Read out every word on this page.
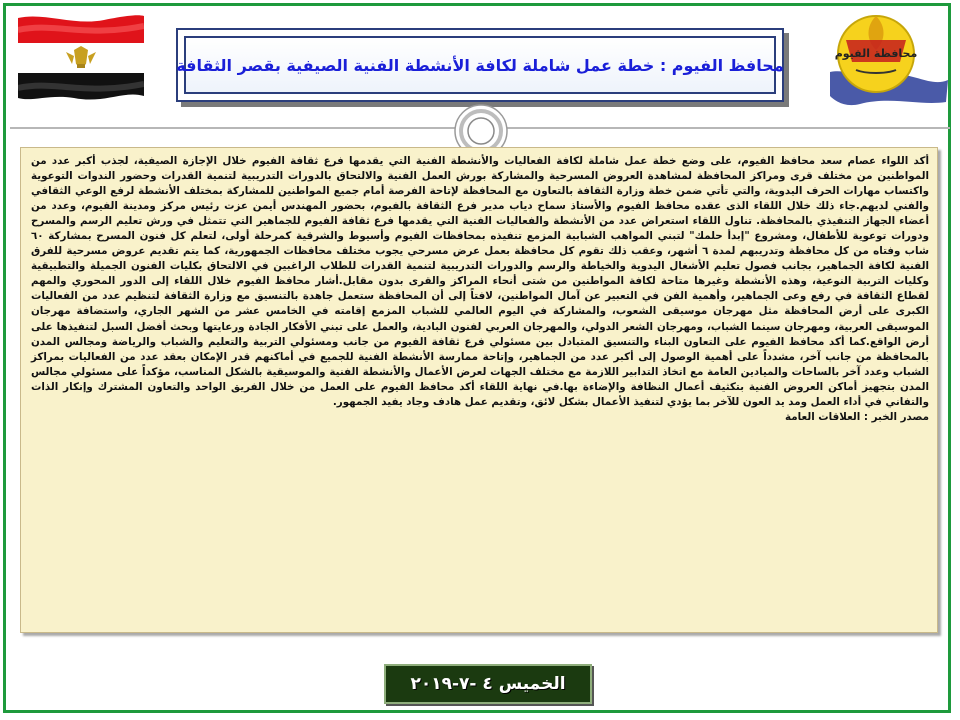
محافظة الفيوم
محافظ الفيوم : خطة عمل شاملة لكافة الأنشطة الفنية الصيفية بقصر الثقافة

أكد اللواء عصام سعد محافظ الفيوم، على وضع خطة عمل شاملة لكافة الفعاليات والأنشطة الفنية التي يقدمها فرع ثقافة الفيوم خلال الإجازة الصيفية، لجذب أكبر عدد من المواطنين من مختلف قرى ومراكز المحافظة لمشاهدة العروض المسرحية والمشاركة بورش العمل الفنية والالتحاق بالدورات التدريبية لتنمية القدرات وحضور الندوات التوعوية واكتساب مهارات الحرف اليدوية، والتي تأتي ضمن خطة وزارة الثقافة بالتعاون مع المحافظة لإتاحة الفرصة أمام جميع المواطنين للمشاركة بمختلف الأنشطة لرفع الوعي الثقافي والفني لديهم.جاء ذلك خلال اللقاء الذى عقده محافظ الفيوم والأستاذ سماح دياب مدير فرع الثقافة بالفيوم، بحضور المهندس أيمن عزت رئيس مركز ومدينة الفيوم، وعدد من أعضاء الجهاز التنفيذي بالمحافظة. تناول اللقاء استعراض عدد من الأنشطة والفعاليات الفنية التي يقدمها فرع ثقافة الفيوم للجماهير التي تتمثل في ورش تعليم الرسم والمسرح ودورات توعوية للأطفال، ومشروع "إبدأ حلمك" لتبني المواهب الشبابية المزمع تنفيذه بمحافظات الفيوم وأسيوط والشرقية كمرحلة أولى، لتعلم كل فنون المسرح بمشاركة ٦٠ شاب وفتاه من كل محافظة وتدريبهم لمدة ٦ أشهر، وعقب ذلك تقوم كل محافظة بعمل عرض مسرحي يجوب مختلف محافظات الجمهورية، كما يتم تقديم عروض مسرحية للفرق الفنية لكافة الجماهير، بجانب فصول تعليم الأشغال اليدوية والخياطة والرسم والدورات التدريبية لتنمية القدرات للطلاب الراغبين في الالتحاق بكليات الفنون الجميلة والتطبيقية وكليات التربية النوعية، وهذه الأنشطة وغيرها متاحة لكافة المواطنين من شتى أنحاء المراكز والقرى بدون مقابل.أشار محافظ الفيوم خلال اللقاء إلى الدور المحوري والمهم لقطاع الثقافة في رفع وعى الجماهير، وأهمية الفن في التعبير عن آمال المواطنين، لافتاً إلى أن المحافظة ستعمل جاهدة بالتنسيق مع وزارة الثقافة لتنظيم عدد من الفعاليات الكبرى على أرض المحافظة مثل مهرجان موسيقى الشعوب، والمشاركة في اليوم العالمي للشباب المزمع إقامته في الخامس عشر من الشهر الجاري، واستضافة مهرجان الموسيقى العربية، ومهرجان سينما الشباب، ومهرجان الشعر الدولي، والمهرجان العربي لفنون البادية، والعمل على تبني الأفكار الجادة ورعايتها وبحث أفضل السبل لتنفيذها على أرض الواقع.كما أكد محافظ الفيوم على التعاون البناء والتنسيق المتبادل بين مسئولي فرع ثقافة الفيوم من جانب ومسئولي التربية والتعليم والشباب والرياضة ومجالس المدن بالمحافظة من جانب آخر، مشدداً على أهمية الوصول إلى أكبر عدد من الجماهير، وإتاحة ممارسة الأنشطة الفنية للجميع في أماكنهم قدر الإمكان بعقد عدد من الفعاليات بمراكز الشباب وعدد آخر بالساحات والميادين العامة مع اتخاذ التدابير اللازمة مع مختلف الجهات لعرض الأعمال والأنشطة الفنية والموسيقية بالشكل المناسب، مؤكداً على مسئولي مجالس المدن بتجهيز أماكن العروض الفنية بتكثيف أعمال النظافة والإضاءة بها.في نهاية اللقاء أكد محافظ الفيوم على العمل من خلال الفريق الواحد والتعاون المشترك وإنكار الذات والتفاني في أداء العمل ومد يد العون للآخر بما يؤدي لتنفيذ الأعمال بشكل لائق، وتقديم عمل هادف وجاد يفيد الجمهور.

مصدر الخبر : العلاقات العامة

الخميس ٤ -٧-٢٠١٩
